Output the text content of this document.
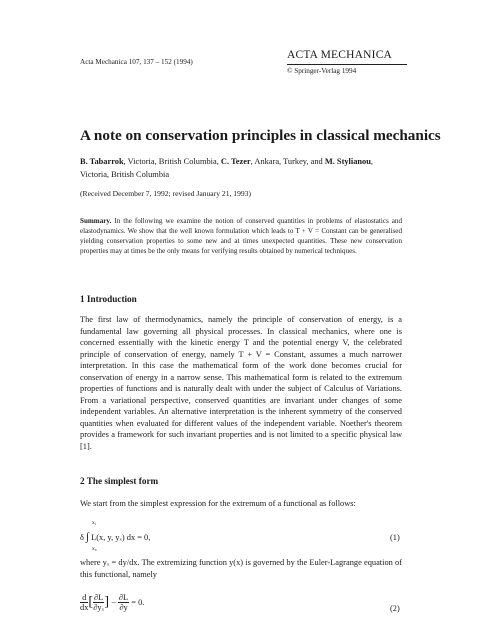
Acta Mechanica 107, 137 – 152 (1994)
ACTA MECHANICA
© Springer-Verlag 1994
A note on conservation principles in classical mechanics
B. Tabarrok, Victoria, British Columbia, C. Tezer, Ankara, Turkey, and M. Stylianou, Victoria, British Columbia
(Received December 7, 1992; revised January 21, 1993)
Summary. In the following we examine the notion of conserved quantities in problems of elastostatics and elastodynamics. We show that the well known formulation which leads to T + V = Constant can be generalised yielding conservation properties to some new and at times unexpected quantities. These new conservation properties may at times be the only means for verifying results obtained by numerical techniques.
1 Introduction
The first law of thermodynamics, namely the principle of conservation of energy, is a fundamental law governing all physical processes. In classical mechanics, where one is concerned essentially with the kinetic energy T and the potential energy V, the celebrated principle of conservation of energy, namely T + V = Constant, assumes a much narrower interpretation. In this case the mathematical form of the work done becomes crucial for conservation of energy in a narrow sense. This mathematical form is related to the extremum properties of functions and is naturally dealt with under the subject of Calculus of Variations. From a variational perspective, conserved quantities are invariant under changes of some independent variables. An alternative interpretation is the inherent symmetry of the conserved quantities when evaluated for different values of the independent variable. Noether's theorem provides a framework for such invariant properties and is not limited to a specific physical law [1].
2 The simplest form
We start from the simplest expression for the extremum of a functional as follows:
x₁
δ ∫ L(x, y, yₓ) dx = 0,
x₀
(1)
where yₓ = dy/dx. The extremizing function y(x) is governed by the Euler-Lagrange equation of this functional, namely
$\frac{d}{dx}$ [ $\frac{\partial L}{\text{∂yₓ}}$ ] − $\frac{\partial L}{\partial y} = 0$.
(2)
